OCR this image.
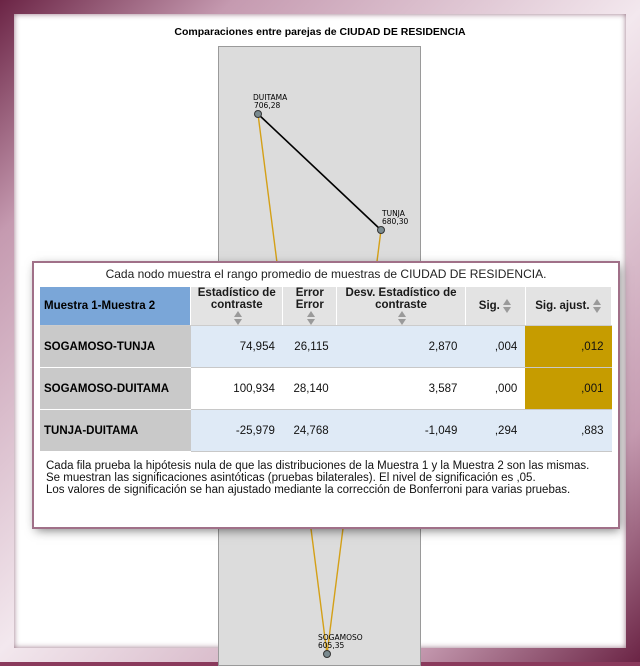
Comparaciones entre parejas de CIUDAD DE RESIDENCIA
DUITAMA
706,28
TUNJA
680,30
SOGAMOSO
605,35
Cada nodo muestra el rango promedio de muestras de CIUDAD DE RESIDENCIA.
Muestra 1-Muestra 2	Estadístico de contraste	Error Error	Desv. Estadístico de contraste	Sig.	Sig. ajust.
SOGAMOSO-TUNJA	74,954	26,115	2,870	,004	,012
SOGAMOSO-DUITAMA	100,934	28,140	3,587	,000	,001
TUNJA-DUITAMA	-25,979	24,768	-1,049	,294	,883

Cada fila prueba la hipótesis nula de que las distribuciones de la Muestra 1 y la Muestra 2 son las mismas.

Se muestran las significaciones asintóticas (pruebas bilaterales). El nivel de significación es ,05.

Los valores de significación se han ajustado mediante la corrección de Bonferroni para varias pruebas.
